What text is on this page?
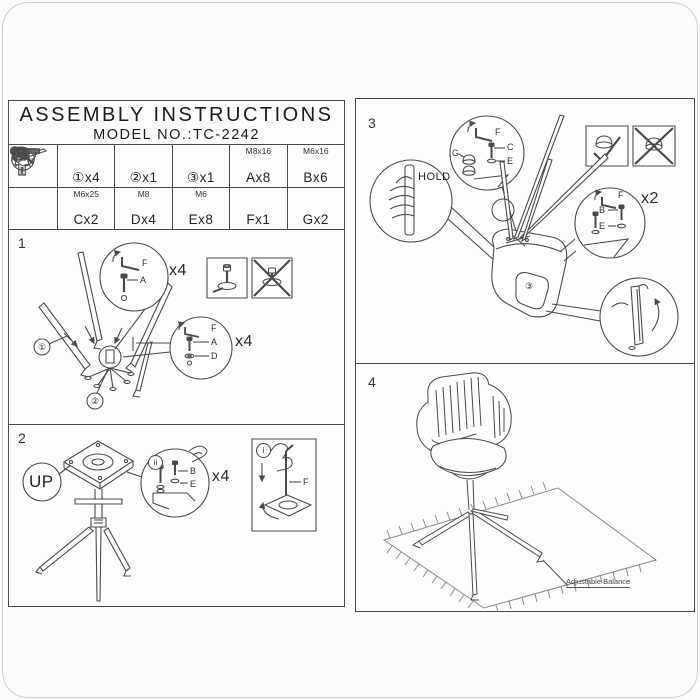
ASSEMBLY INSTRUCTIONS
MODEL NO.:TC-2242
①x4 ②x1 ③x1
M8x16
Ax8
M6x16
Bx6
M6x25
Cx2
M8
Dx4
M6
Ex8 Fx1 Gx2
1
①
②
F
A
x4
F
A
D
x4
2
UP
ii
B
E x4
i
F
3
HOLD
F
C
E
G
③
F
B
E
x2
4
Adjustable Balance
